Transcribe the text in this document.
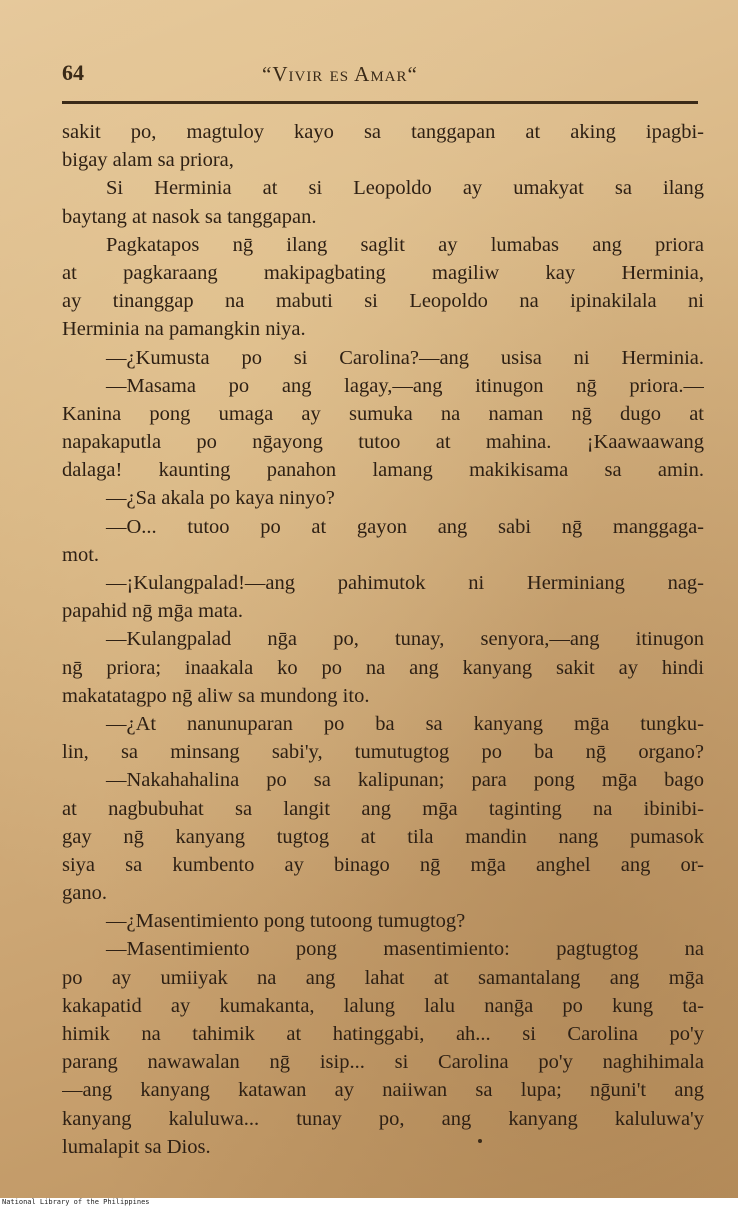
64	“Vivir es Amar“
sakit po, magtuloy kayo sa tanggapan at aking ipagbi-
bigay alam sa priora,
Si Herminia at si Leopoldo ay umakyat sa ilang
baytang at nasok sa tanggapan.
Pagkatapos nḡ ilang saglit ay lumabas ang priora
at pagkaraang makipagbating magiliw kay Herminia,
ay tinanggap na mabuti si Leopoldo na ipinakilala ni
Herminia na pamangkin niya.
—¿Kumusta po si Carolina?—ang usisa ni Herminia.
—Masama po ang lagay,—ang itinugon nḡ priora.—
Kanina pong umaga ay sumuka na naman nḡ dugo at
napakaputla po nḡayong tutoo at mahina. ¡Kaawaawang
dalaga! kaunting panahon lamang makikisama sa amin.
—¿Sa akala po kaya ninyo?
—O... tutoo po at gayon ang sabi nḡ manggaga-
mot.
—¡Kulangpalad!—ang pahimutok ni Herminiang nag-
papahid nḡ mḡa mata.
—Kulangpalad nḡa po, tunay, senyora,—ang itinugon
nḡ priora; inaakala ko po na ang kanyang sakit ay hindi
makatatagpo nḡ aliw sa mundong ito.
—¿At nanunuparan po ba sa kanyang mḡa tungku-
lin, sa minsang sabi'y, tumutugtog po ba nḡ organo?
—Nakahahalina po sa kalipunan; para pong mḡa bago
at nagbubuhat sa langit ang mḡa taginting na ibinibi-
gay nḡ kanyang tugtog at tila mandin nang pumasok
siya sa kumbento ay binago nḡ mḡa anghel ang or-
gano.
—¿Masentimiento pong tutoong tumugtog?
—Masentimiento pong masentimiento: pagtugtog na
po ay umiiyak na ang lahat at samantalang ang mḡa
kakapatid ay kumakanta, lalung lalu nanḡa po kung ta-
himik na tahimik at hatinggabi, ah... si Carolina po'y
parang nawawalan nḡ isip... si Carolina po'y naghihimala
—ang kanyang katawan ay naiiwan sa lupa; nḡuni't ang
kanyang kaluluwa... tunay po, ang kanyang kaluluwa'y
lumalapit sa Dios.
National Library of the Philippines
